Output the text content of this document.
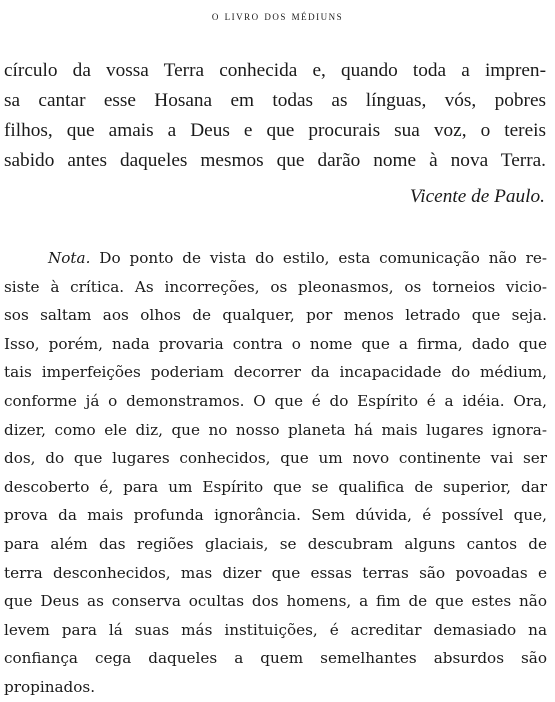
o livro dos médiuns
círculo da vossa Terra conhecida e, quando toda a impren-
sa cantar esse Hosana em todas as línguas, vós, pobres
filhos, que amais a Deus e que procurais sua voz, o tereis
sabido antes daqueles mesmos que darão nome à nova Terra.
Vicente de Paulo.
Nota. Do ponto de vista do estilo, esta comunicação não re-
siste à crítica. As incorreções, os pleonasmos, os torneios vicio-
sos saltam aos olhos de qualquer, por menos letrado que seja.
Isso, porém, nada provaria contra o nome que a firma, dado que
tais imperfeições poderiam decorrer da incapacidade do médium,
conforme já o demonstramos. O que é do Espírito é a idéia. Ora,
dizer, como ele diz, que no nosso planeta há mais lugares ignora-
dos, do que lugares conhecidos, que um novo continente vai ser
descoberto é, para um Espírito que se qualifica de superior, dar
prova da mais profunda ignorância. Sem dúvida, é possível que,
para além das regiões glaciais, se descubram alguns cantos de
terra desconhecidos, mas dizer que essas terras são povoadas e
que Deus as conserva ocultas dos homens, a fim de que estes não
levem para lá suas más instituições, é acreditar demasiado na
confiança cega daqueles a quem semelhantes absurdos são
propinados.
